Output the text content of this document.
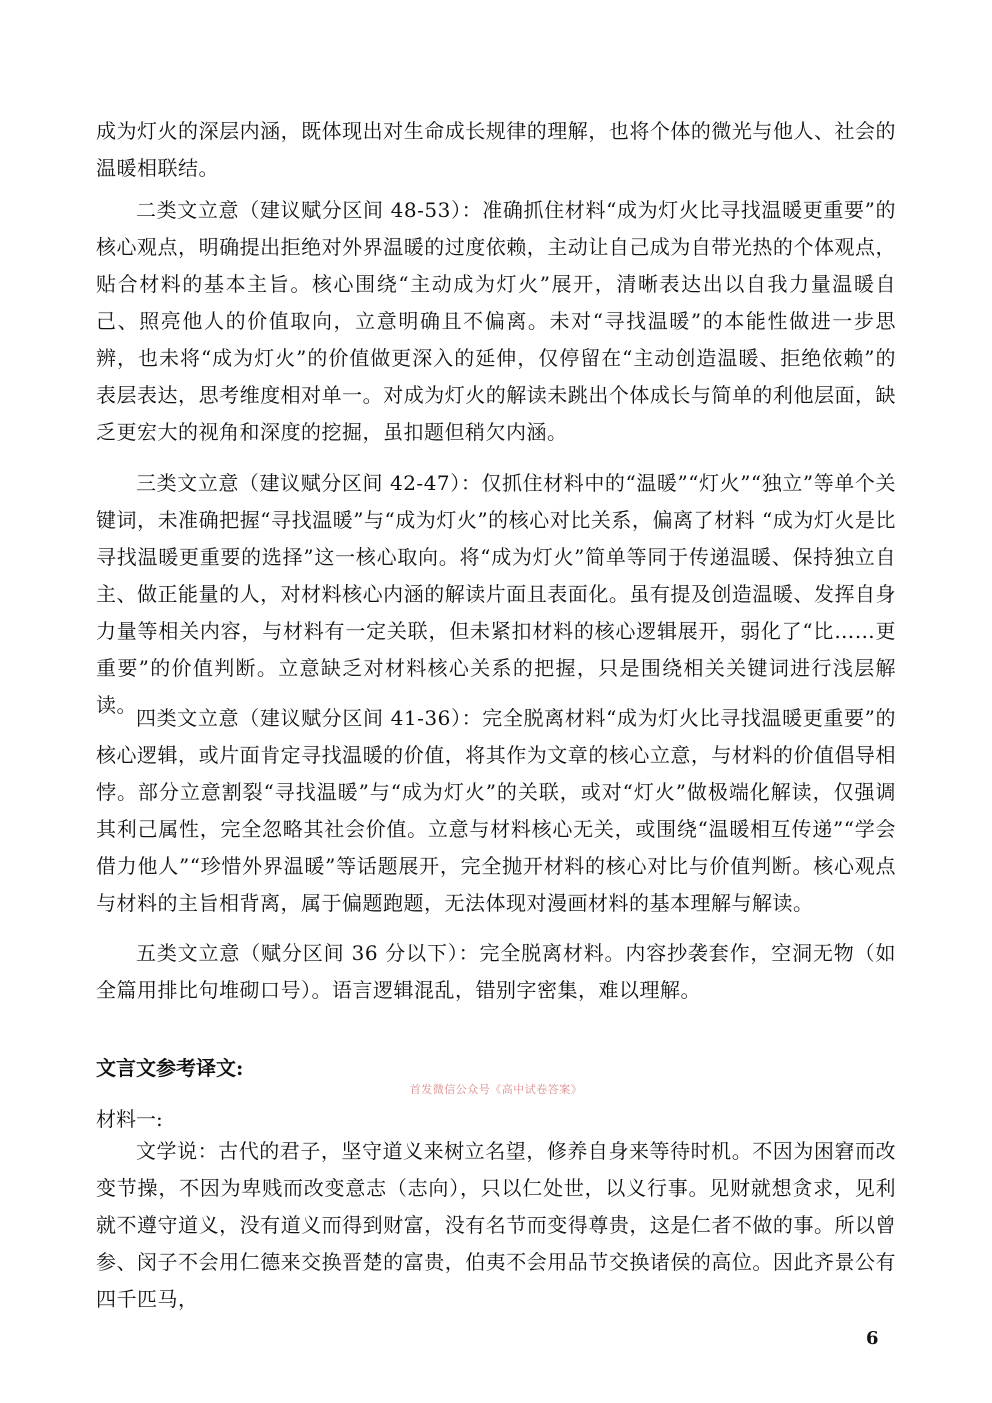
成为灯火的深层内涵，既体现出对生命成长规律的理解，也将个体的微光与他人、社会的温暖相联结。

二类文立意（建议赋分区间 48-53）：准确抓住材料“成为灯火比寻找温暖更重要”的核心观点，明确提出拒绝对外界温暖的过度依赖，主动让自己成为自带光热的个体观点，贴合材料的基本主旨。核心围绕“主动成为灯火”展开，清晰表达出以自我力量温暖自己、照亮他人的价值取向，立意明确且不偏离。未对“寻找温暖”的本能性做进一步思辨，也未将“成为灯火”的价值做更深入的延伸，仅停留在“主动创造温暖、拒绝依赖”的表层表达，思考维度相对单一。对成为灯火的解读未跳出个体成长与简单的利他层面，缺乏更宏大的视角和深度的挖掘，虽扣题但稍欠内涵。

三类文立意（建议赋分区间 42-47）：仅抓住材料中的“温暖”“灯火”“独立”等单个关键词，未准确把握“寻找温暖”与“成为灯火”的核心对比关系，偏离了材料 “成为灯火是比寻找温暖更重要的选择”这一核心取向。将“成为灯火”简单等同于传递温暖、保持独立自主、做正能量的人，对材料核心内涵的解读片面且表面化。虽有提及创造温暖、发挥自身力量等相关内容，与材料有一定关联，但未紧扣材料的核心逻辑展开，弱化了“比……更重要”的价值判断。立意缺乏对材料核心关系的把握，只是围绕相关关键词进行浅层解读。

四类文立意（建议赋分区间 41-36）：完全脱离材料“成为灯火比寻找温暖更重要”的核心逻辑，或片面肯定寻找温暖的价值，将其作为文章的核心立意，与材料的价值倡导相悖。部分立意割裂“寻找温暖”与“成为灯火”的关联，或对“灯火”做极端化解读，仅强调其利己属性，完全忽略其社会价值。立意与材料核心无关，或围绕“温暖相互传递”“学会借力他人”“珍惜外界温暖”等话题展开，完全抛开材料的核心对比与价值判断。核心观点与材料的主旨相背离，属于偏题跑题，无法体现对漫画材料的基本理解与解读。

五类文立意（赋分区间 36 分以下）：完全脱离材料。内容抄袭套作，空洞无物（如全篇用排比句堆砌口号）。语言逻辑混乱，错别字密集，难以理解。

文言文参考译文:
首发微信公众号《高中试卷答案》

材料一:

文学说：古代的君子，坚守道义来树立名望，修养自身来等待时机。不因为困窘而改变节操，不因为卑贱而改变意志（志向），只以仁处世，以义行事。见财就想贪求，见利就不遵守道义，没有道义而得到财富，没有名节而变得尊贵，这是仁者不做的事。所以曾参、闵子不会用仁德来交换晋楚的富贵，伯夷不会用品节交换诸侯的高位。因此齐景公有四千匹马，

6
